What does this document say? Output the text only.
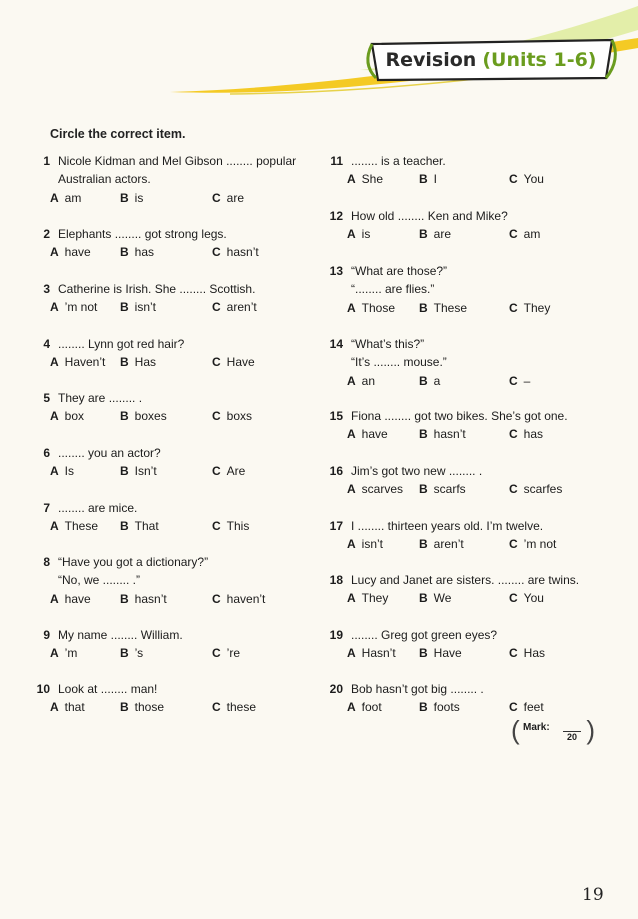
Revision (Units 1-6)
Circle the correct item.
1 Nicole Kidman and Mel Gibson ........ popular
Australian actors.
A am	B is	C are
2 Elephants ........ got strong legs.
A have B has	C hasn’t
3 Catherine is Irish. She ........ Scottish.
A ’m not B isn’t	C aren’t
4 ........ Lynn got red hair?
A Haven’t B Has	C Have
5 They are ........ .
A box	B boxes	C boxs
6 ........ you an actor?
A Is	B Isn’t	C Are
7 ........ are mice.
A These B That	C This
8 “Have you got a dictionary?”
“No, we ........ .”
A have B hasn’t	C haven’t
9 My name ........ William.
A ’m	B ’s	C ’re
10 Look at ........ man!
A that	B those	C these
11 ........ is a teacher.
A She	B I	C You
12 How old ........ Ken and Mike?
A is	B are	C am
13 “What are those?”
“........ are flies.”
A Those B These	C They
14 “What’s this?”
“It’s ........ mouse.”
A an	B a	C –
15 Fiona ........ got two bikes. She’s got one.
A have	B hasn’t	C has
16 Jim’s got two new ........ .
A scarves B scarfs	C scarfes
17 I ........ thirteen years old. I’m twelve.
A isn’t	B aren’t	C ’m not
18 Lucy and Janet are sisters. ........ are twins.
A They	B We	C You
19 ........ Greg got green eyes?
A Hasn’t B Have	C Has
20 Bob hasn’t got big ........ .
A foot	B foots	C feet
( Mark:
20 )
19
